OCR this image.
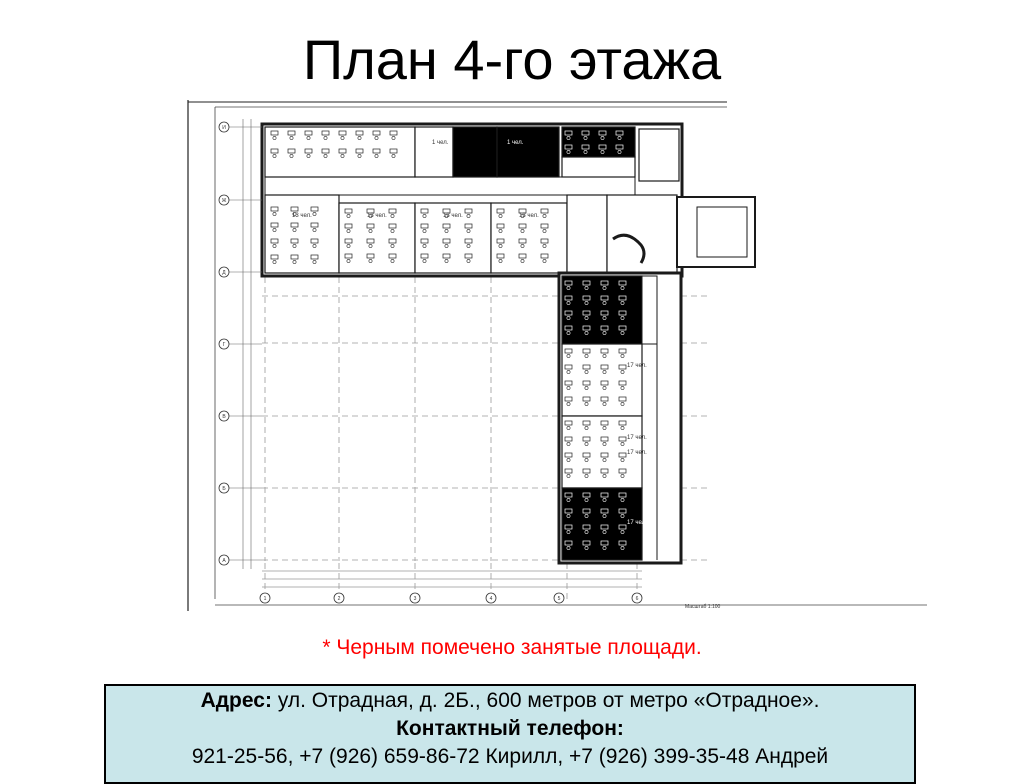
План 4-го этажа
И
Ж
Д
Г
В
Б
А
1	2	3	4	5	6
1 чел.	1 чел.
13 чел.	13 чел.	13 чел.	13 чел.
17 чел.
17 чел.
17 чел.
17 чел.
Масштаб 1:100
* Черным помечено занятые площади.
Адрес: ул. Отрадная, д. 2Б., 600 метров от метро «Отрадное».
Контактный телефон:
921-25-56, +7 (926) 659-86-72 Кирилл, +7 (926) 399-35-48 Андрей
